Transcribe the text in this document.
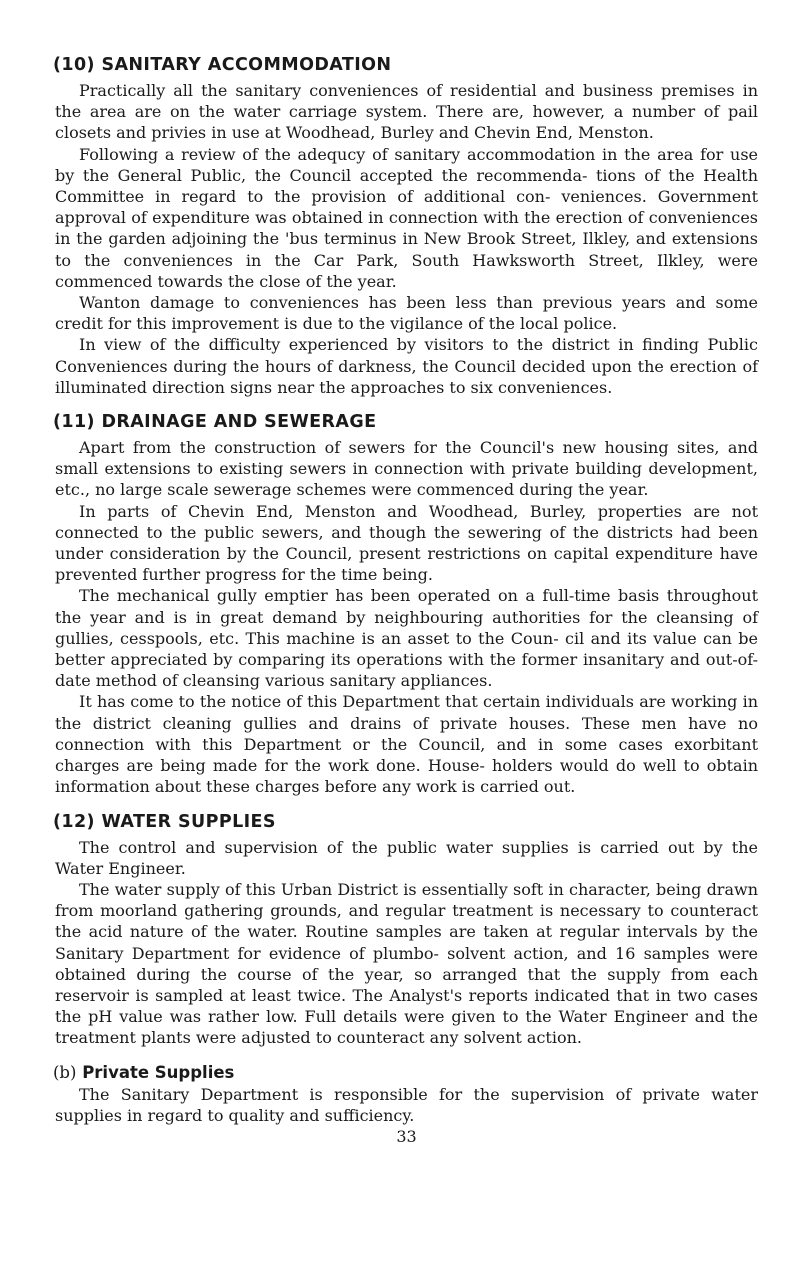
(10) SANITARY ACCOMMODATION

Practically all the sanitary conveniences of residential and business premises in the area are on the water carriage system. There are, however, a number of pail closets and privies in use at Woodhead, Burley and Chevin End, Menston.

Following a review of the adequcy of sanitary accommodation in the area for use by the General Public, the Council accepted the recommenda- tions of the Health Committee in regard to the provision of additional con- veniences. Government approval of expenditure was obtained in connection with the erection of conveniences in the garden adjoining the 'bus terminus in New Brook Street, Ilkley, and extensions to the conveniences in the Car Park, South Hawksworth Street, Ilkley, were commenced towards the close of the year.

Wanton damage to conveniences has been less than previous years and some credit for this improvement is due to the vigilance of the local police.

In view of the difficulty experienced by visitors to the district in finding Public Conveniences during the hours of darkness, the Council decided upon the erection of illuminated direction signs near the approaches to six conveniences.

(11) DRAINAGE AND SEWERAGE

Apart from the construction of sewers for the Council's new housing sites, and small extensions to existing sewers in connection with private building development, etc., no large scale sewerage schemes were commenced during the year.

In parts of Chevin End, Menston and Woodhead, Burley, properties are not connected to the public sewers, and though the sewering of the districts had been under consideration by the Council, present restrictions on capital expenditure have prevented further progress for the time being.

The mechanical gully emptier has been operated on a full-time basis throughout the year and is in great demand by neighbouring authorities for the cleansing of gullies, cesspools, etc. This machine is an asset to the Coun- cil and its value can be better appreciated by comparing its operations with the former insanitary and out-of-date method of cleansing various sanitary appliances.

It has come to the notice of this Department that certain individuals are working in the district cleaning gullies and drains of private houses. These men have no connection with this Department or the Council, and in some cases exorbitant charges are being made for the work done. House- holders would do well to obtain information about these charges before any work is carried out.

(12) WATER SUPPLIES

The control and supervision of the public water supplies is carried out by the Water Engineer.

The water supply of this Urban District is essentially soft in character, being drawn from moorland gathering grounds, and regular treatment is necessary to counteract the acid nature of the water. Routine samples are taken at regular intervals by the Sanitary Department for evidence of plumbo- solvent action, and 16 samples were obtained during the course of the year, so arranged that the supply from each reservoir is sampled at least twice. The Analyst's reports indicated that in two cases the pH value was rather low. Full details were given to the Water Engineer and the treatment plants were adjusted to counteract any solvent action.

(b) Private Supplies

The Sanitary Department is responsible for the supervision of private water supplies in regard to quality and sufficiency.

33
